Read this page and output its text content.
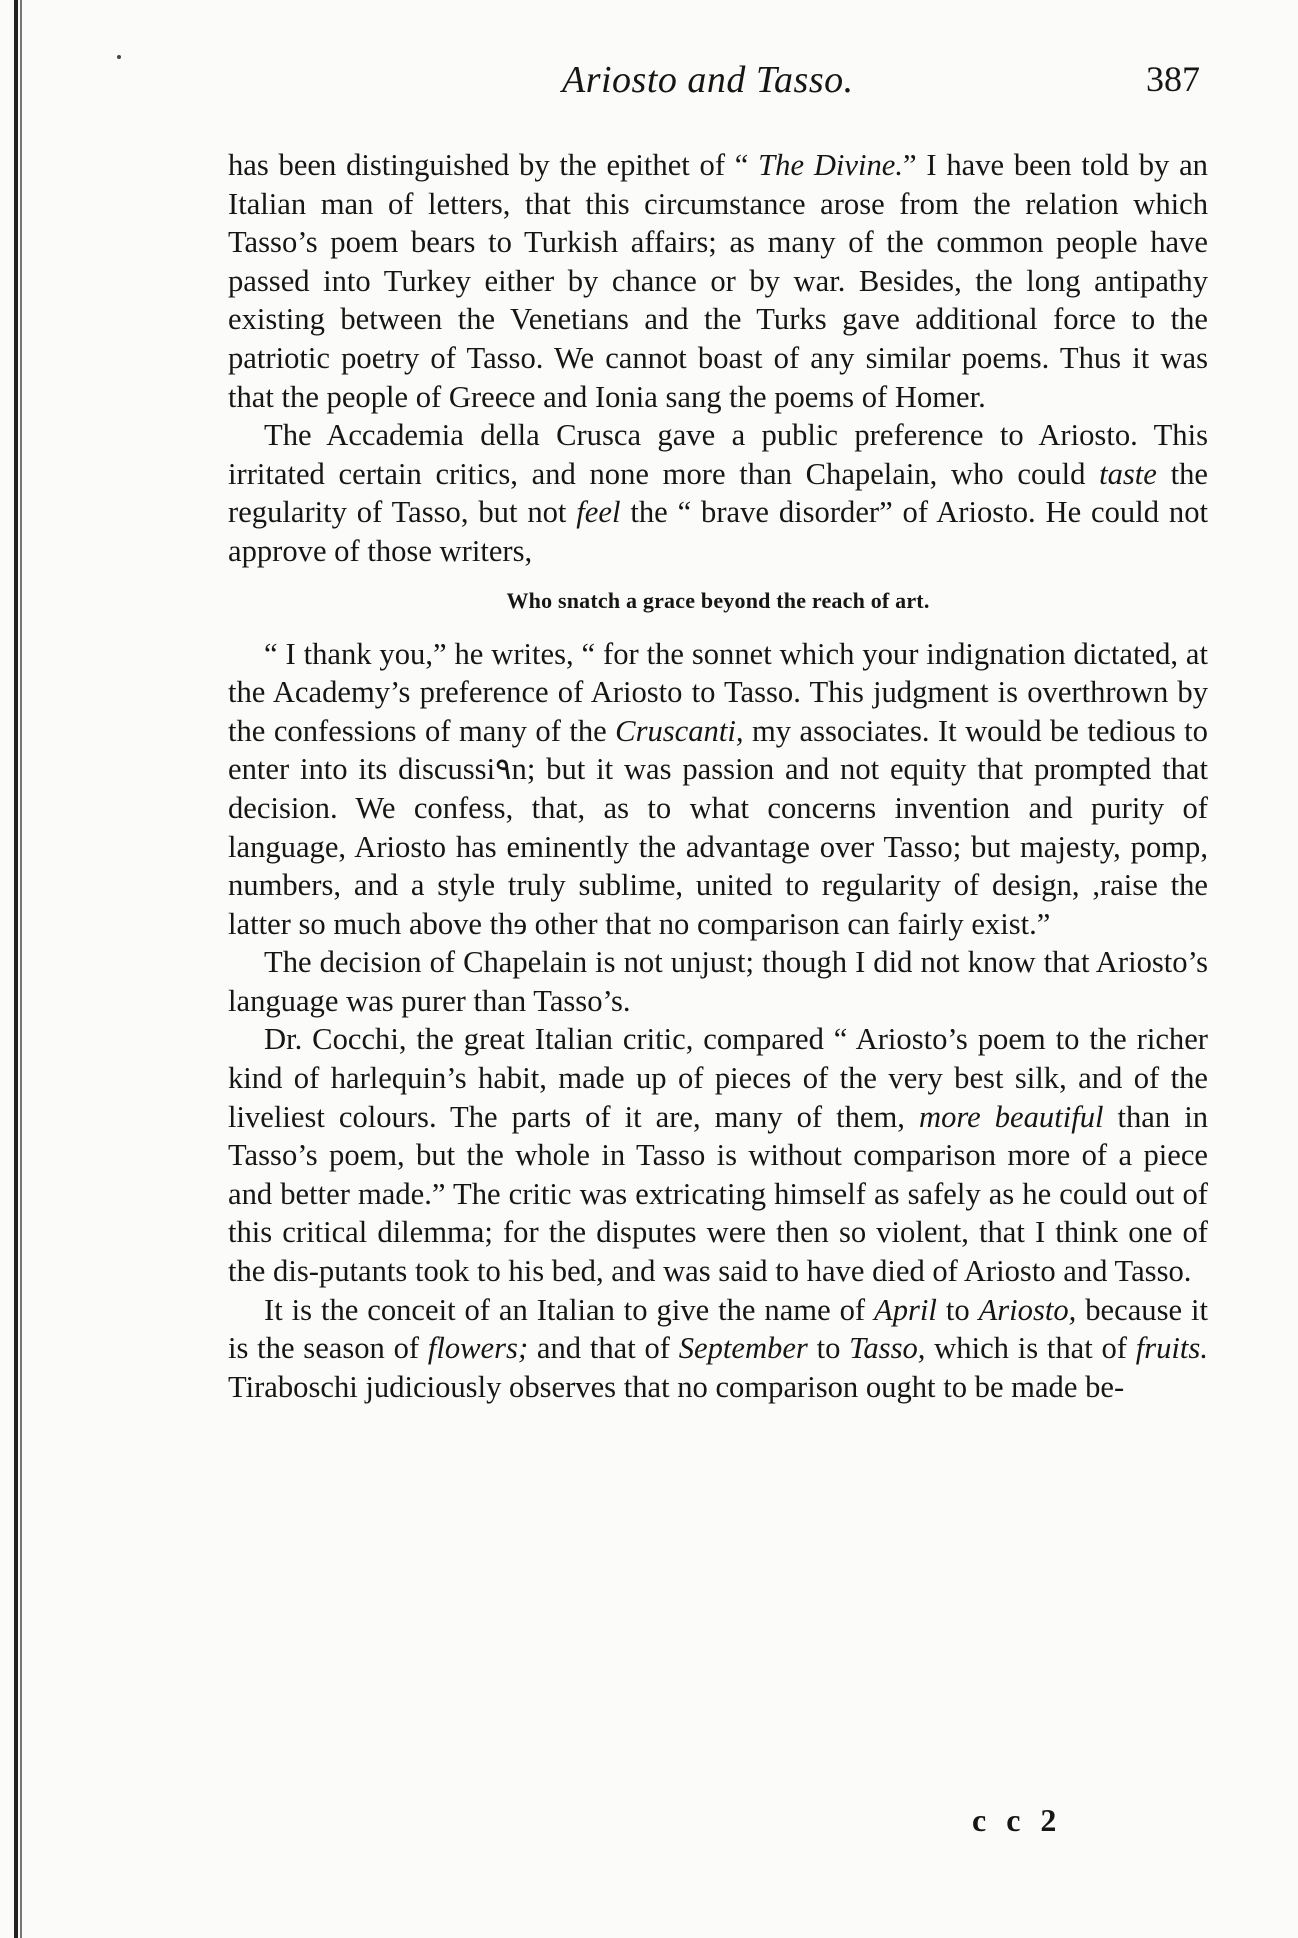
Ariosto and Tasso.	387

has been distinguished by the epithet of “ The Divine.” I have been told by an Italian man of letters, that this circumstance arose from the relation which Tasso’s poem bears to Turkish affairs; as many of the common people have passed into Turkey either by chance or by war. Besides, the long antipathy existing between the Venetians and the Turks gave additional force to the patriotic poetry of Tasso. We cannot boast of any similar poems. Thus it was that the people of Greece and Ionia sang the poems of Homer.

The Accademia della Crusca gave a public preference to Ariosto. This irritated certain critics, and none more than Chapelain, who could taste the regularity of Tasso, but not feel the “ brave disorder” of Ariosto. He could not approve of those writers,

Who snatch a grace beyond the reach of art.

“ I thank you,” he writes, “ for the sonnet which your indignation dictated, at the Academy’s preference of Ariosto to Tasso. This judgment is overthrown by the confessions of many of the Cruscanti, my associates. It would be tedious to enter into its discussi٩n; but it was passion and not equity that prompted that decision. We confess, that, as to what concerns invention and purity of language, Ariosto has eminently the advantage over Tasso; but majesty, pomp, numbers, and a style truly sublime, united to regularity of design, ,raise the latter so much above thɘ other that no comparison can fairly exist.”

The decision of Chapelain is not unjust; though I did not know that Ariosto’s language was purer than Tasso’s.

Dr. Cocchi, the great Italian critic, compared “ Ariosto’s poem to the richer kind of harlequin’s habit, made up of pieces of the very best silk, and of the liveliest colours. The parts of it are, many of them, more beautiful than in Tasso’s poem, but the whole in Tasso is without comparison more of a piece and better made.” The critic was extricating himself as safely as he could out of this critical dilemma; for the disputes were then so violent, that I think one of the dis‐putants took to his bed, and was said to have died of Ariosto and Tasso.

It is the conceit of an Italian to give the name of April to Ariosto, because it is the season of flowers; and that of September to Tasso, which is that of fruits. Tiraboschi judiciously observes that no comparison ought to be made be-

c c 2
